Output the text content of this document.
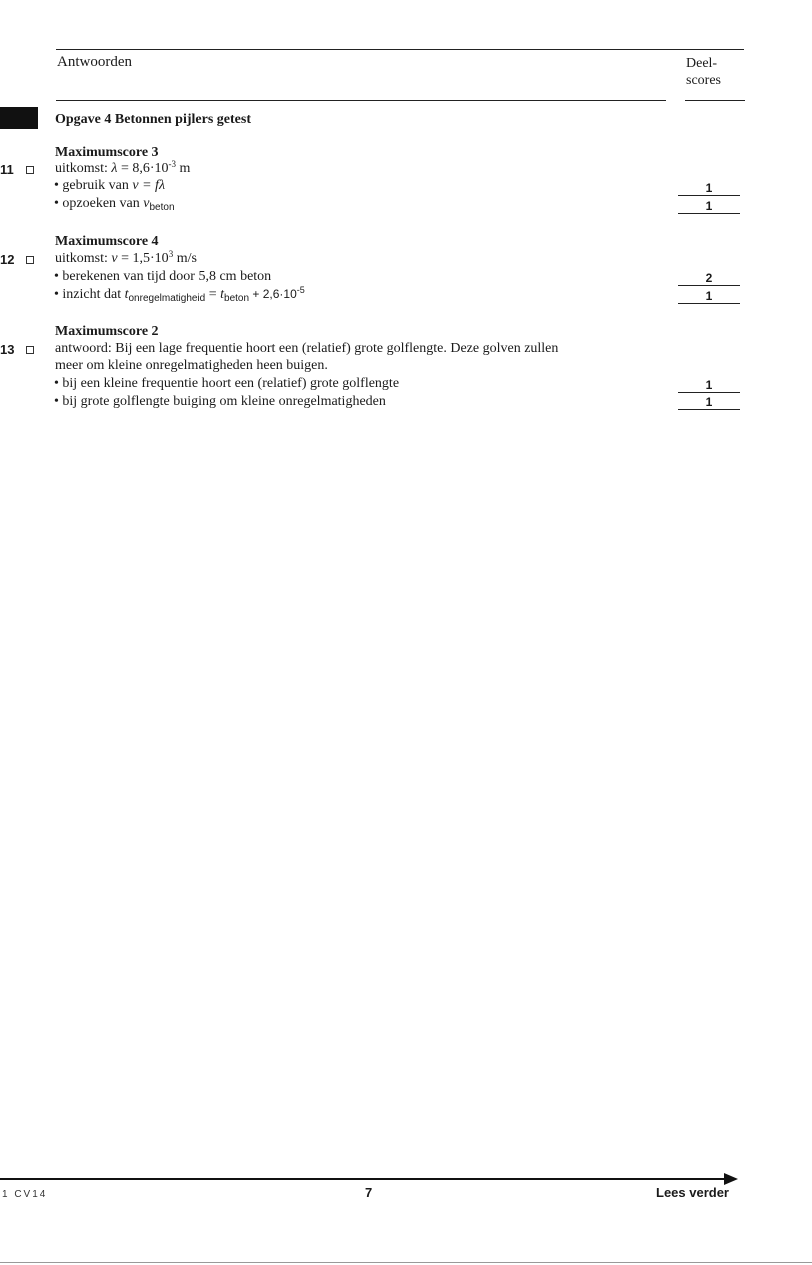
Antwoorden	Deel-
scores
Opgave 4 Betonnen pijlers getest
Maximumscore 3
11	uitkomst: $\lambda = 8,6\cdot 10^{-3}$ m
• gebruik van v = fλ	1
• opzoeken van $v_{beton}$	1
Maximumscore 4
12	uitkomst: $v = 1,5\cdot 10^3$ m/s
• berekenen van tijd door 5,8 cm beton	2
• inzicht dat $t_{onregelmatigheid} = t_{beton} + 2,6\cdot 10^{-5}$	1
Maximumscore 2
13	antwoord: Bij een lage frequentie hoort een (relatief) grote golflengte. Deze golven zullen
meer om kleine onregelmatigheden heen buigen.
• bij een kleine frequentie hoort een (relatief) grote golflengte	1
• bij grote golflengte buiging om kleine onregelmatigheden	1
1 CV14	7	Lees verder
